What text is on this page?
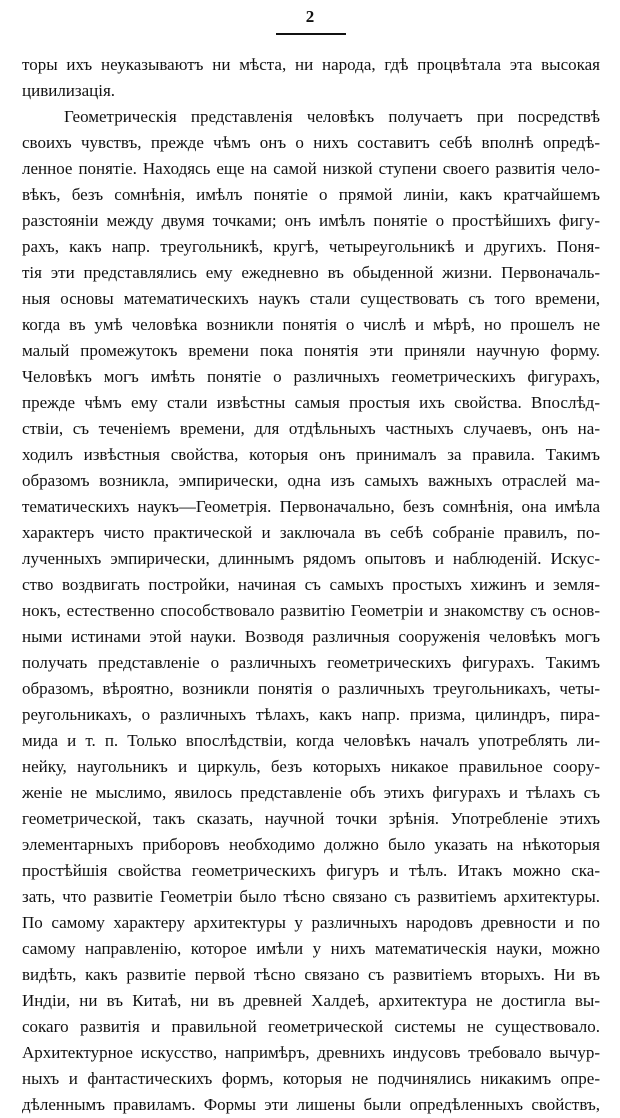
2
торы ихъ неуказываютъ ни мѣста, ни народа, гдѣ процвѣтала эта высокая
цивилизація.
Геометрическія представленія человѣкъ получаетъ при посредствѣ
своихъ чувствъ, прежде чѣмъ онъ о нихъ составитъ себѣ вполнѣ опредѣ-
ленное понятіе. Находясь еще на самой низкой ступени своего развитія чело-
вѣкъ, безъ сомнѣнія, имѣлъ понятіе о прямой линіи, какъ кратчайшемъ
разстояніи между двумя точками; онъ имѣлъ понятіе о простѣйшихъ фигу-
рахъ, какъ напр. треугольникѣ, кругѣ, четыреугольникѣ и другихъ. Поня-
тія эти представлялись ему ежедневно въ обыденной жизни. Первоначаль-
ныя основы математическихъ наукъ стали существовать съ того времени,
когда въ умѣ человѣка возникли понятія о числѣ и мѣрѣ, но прошелъ не
малый промежутокъ времени пока понятія эти приняли научную форму.
Человѣкъ могъ имѣть понятіе о различныхъ геометрическихъ фигурахъ,
прежде чѣмъ ему стали извѣстны самыя простыя ихъ свойства. Впослѣд-
ствіи, съ теченіемъ времени, для отдѣльныхъ частныхъ случаевъ, онъ на-
ходилъ извѣстныя свойства, которыя онъ принималъ за правила. Такимъ
образомъ возникла, эмпирически, одна изъ самыхъ важныхъ отраслей ма-
тематическихъ наукъ—Геометрія. Первоначально, безъ сомнѣнія, она имѣла
характеръ чисто практической и заключала въ себѣ собраніе правилъ, по-
лученныхъ эмпирически, длиннымъ рядомъ опытовъ и наблюденій. Искус-
ство воздвигать постройки, начиная съ самыхъ простыхъ хижинъ и земля-
нокъ, естественно способствовало развитію Геометріи и знакомству съ основ-
ными истинами этой науки. Возводя различныя сооруженія человѣкъ могъ
получать представленіе о различныхъ геометрическихъ фигурахъ. Такимъ
образомъ, вѣроятно, возникли понятія о различныхъ треугольникахъ, четы-
реугольникахъ, о различныхъ тѣлахъ, какъ напр. призма, цилиндръ, пира-
мида и т. п. Только впослѣдствіи, когда человѣкъ началъ употреблять ли-
нейку, наугольникъ и циркуль, безъ которыхъ никакое правильное соору-
женіе не мыслимо, явилось представленіе объ этихъ фигурахъ и тѣлахъ съ
геометрической, такъ сказать, научной точки зрѣнія. Употребленіе этихъ
элементарныхъ приборовъ необходимо должно было указать на нѣкоторыя
простѣйшія свойства геометрическихъ фигуръ и тѣлъ. Итакъ можно ска-
зать, что развитіе Геометріи было тѣсно связано съ развитіемъ архитектуры.
По самому характеру архитектуры у различныхъ народовъ древности и по
самому направленію, которое имѣли у нихъ математическія науки, можно
видѣть, какъ развитіе первой тѣсно связано съ развитіемъ вторыхъ. Ни въ
Индіи, ни въ Китаѣ, ни въ древней Халдеѣ, архитектура не достигла вы-
сокаго развитія и правильной геометрической системы не существовало.
Архитектурное искусство, напримѣръ, древнихъ индусовъ требовало вычур-
ныхъ и фантастическихъ формъ, которыя не подчинялись никакимъ опре-
дѣленнымъ правиламъ. Формы эти лишены были опредѣленныхъ свойствъ,
